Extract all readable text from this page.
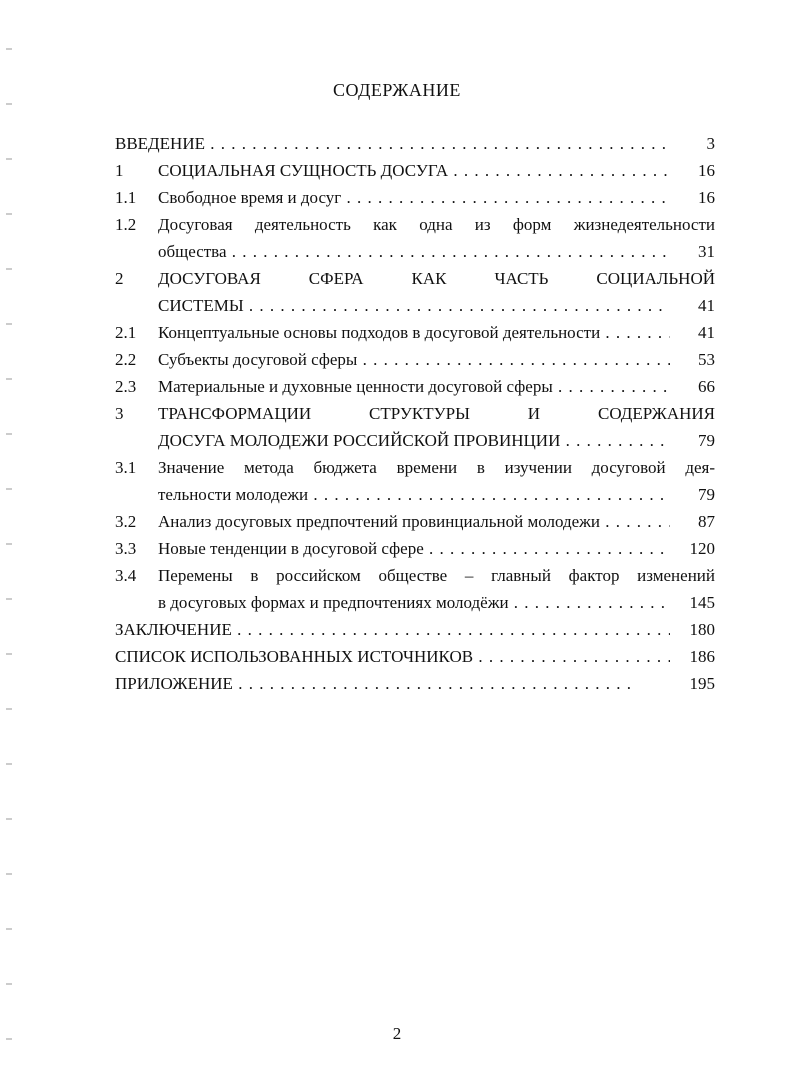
СОДЕРЖАНИЕ
ВВЕДЕНИЕ . . .	3
1	СОЦИАЛЬНАЯ СУЩНОСТЬ ДОСУГА . . .	16
1.1	Свободное время и досуг . . .	16
1.2	Досуговая деятельность как одна из форм жизнедеятельности
общества . . .	31
2	ДОСУГОВАЯ СФЕРА КАК ЧАСТЬ СОЦИАЛЬНОЙ
СИСТЕМЫ . . .	41
2.1	Концептуальные основы подходов в досуговой деятельности . . .	41
2.2	Субъекты досуговой сферы . . .	53
2.3	Материальные и духовные ценности досуговой сферы . . .	66
3	ТРАНСФОРМАЦИИ СТРУКТУРЫ И СОДЕРЖАНИЯ
ДОСУГА МОЛОДЕЖИ РОССИЙСКОЙ ПРОВИНЦИИ . . .	79
3.1	Значение метода бюджета времени в изучении досуговой дея-
тельности молодежи . . .	79
3.2	Анализ досуговых предпочтений провинциальной молодежи . . .	87
3.3	Новые тенденции в досуговой сфере . . .	120
3.4	Перемены в российском обществе – главный фактор изменений
в досуговых формах и предпочтениях молодёжи . . .	145
ЗАКЛЮЧЕНИЕ . . .	180
СПИСОК ИСПОЛЬЗОВАННЫХ ИСТОЧНИКОВ . . .	186
ПРИЛОЖЕНИЕ . . .	195
2
